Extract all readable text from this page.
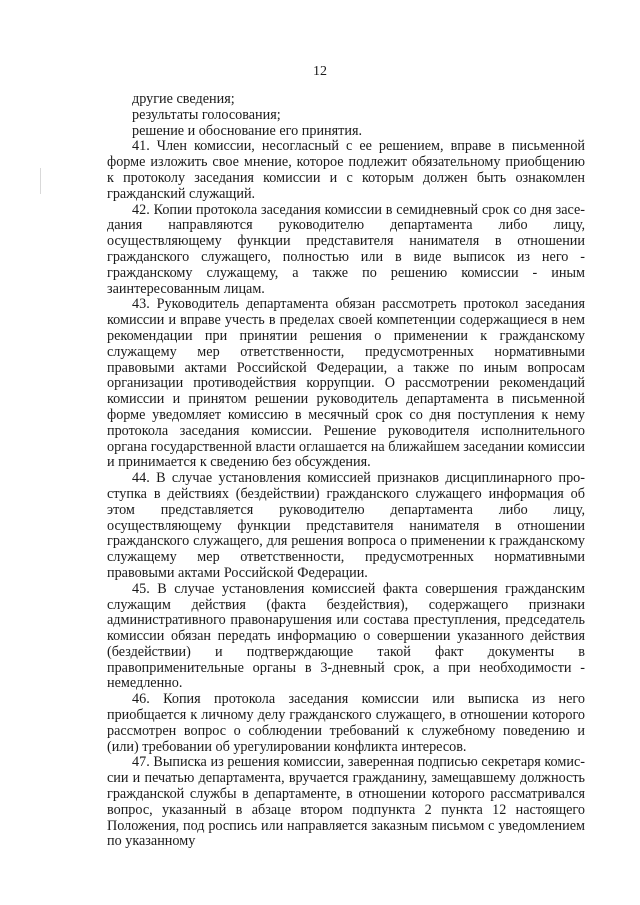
12

другие сведения;

результаты голосования;

решение и обоснование его принятия.

41. Член комиссии, несогласный с ее решением, вправе в письменной форме изложить свое мнение, которое подлежит обязательному приобщению к протоколу заседания комиссии и с которым должен быть ознакомлен гражданский служащий.

42. Копии протокола заседания комиссии в семидневный срок со дня заседания направляются руководителю департамента либо лицу, осуществляющему функции представителя нанимателя в отношении гражданского служащего, полностью или в виде выписок из него - гражданскому служащему, а также по решению комиссии - иным заинтересованным лицам.

43. Руководитель департамента обязан рассмотреть протокол заседания комиссии и вправе учесть в пределах своей компетенции содержащиеся в нем рекомендации при принятии решения о применении к гражданскому служащему мер ответственности, предусмотренных нормативными правовыми актами Российской Федерации, а также по иным вопросам организации противодействия коррупции. О рассмотрении рекомендаций комиссии и принятом решении руководитель департамента в письменной форме уведомляет комиссию в месячный срок со дня поступления к нему протокола заседания комиссии. Решение руководителя исполнительного органа государственной власти оглашается на ближайшем заседании комиссии и принимается к сведению без обсуждения.

44. В случае установления комиссией признаков дисциплинарного проступка в действиях (бездействии) гражданского служащего информация об этом представляется руководителю департамента либо лицу, осуществляющему функции представителя нанимателя в отношении гражданского служащего, для решения вопроса о применении к гражданскому служащему мер ответственности, предусмотренных нормативными правовыми актами Российской Федерации.

45. В случае установления комиссией факта совершения гражданским служащим действия (факта бездействия), содержащего признаки административного правонарушения или состава преступления, председатель комиссии обязан передать информацию о совершении указанного действия (бездействии) и подтверждающие такой факт документы в правоприменительные органы в 3-дневный срок, а при необходимости - немедленно.

46. Копия протокола заседания комиссии или выписка из него приобщается к личному делу гражданского служащего, в отношении которого рассмотрен вопрос о соблюдении требований к служебному поведению и (или) требовании об урегулировании конфликта интересов.

47. Выписка из решения комиссии, заверенная подписью секретаря комиссии и печатью департамента, вручается гражданину, замещавшему должность гражданской службы в департаменте, в отношении которого рассматривался вопрос, указанный в абзаце втором подпункта 2 пункта 12 настоящего Положения, под роспись или направляется заказным письмом с уведомлением по указанному
